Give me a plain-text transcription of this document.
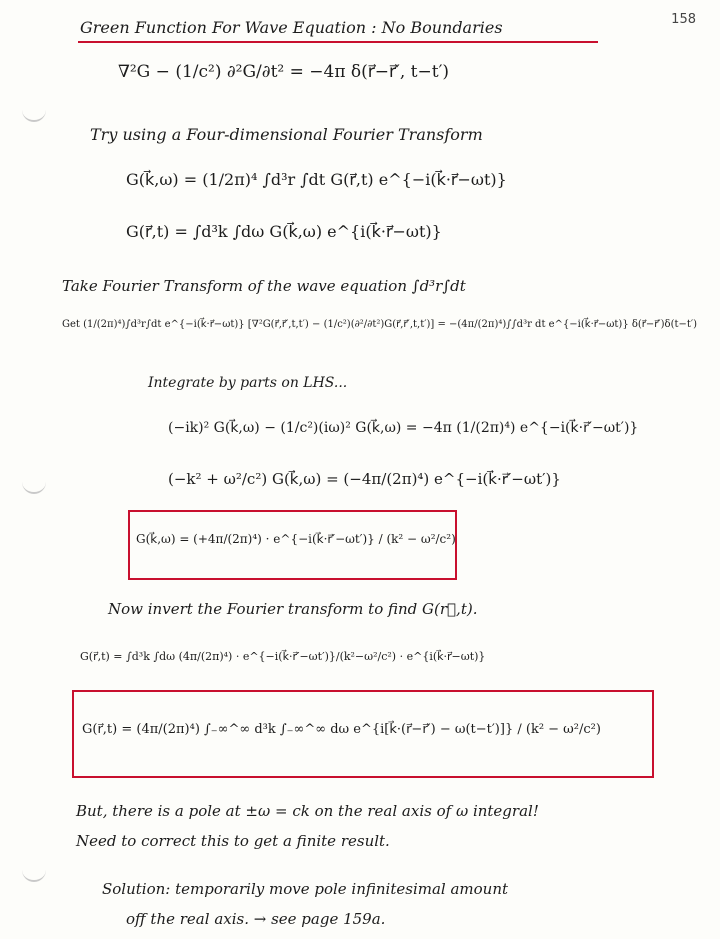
158
Green Function For Wave Equation : No Boundaries
∇²G − (1/c²) ∂²G/∂t² = −4π δ(r⃗−r⃗′, t−t′)
Try using a Four-dimensional Fourier Transform
G(k⃗,ω) = (1/2π)⁴ ∫d³r ∫dt G(r⃗,t) e^{−i(k⃗·r⃗−ωt)}
G(r⃗,t) = ∫d³k ∫dω G(k⃗,ω) e^{i(k⃗·r⃗−ωt)}
Take Fourier Transform of the wave equation ∫d³r∫dt
Get (1/(2π)⁴)∫d³r∫dt e^{−i(k⃗·r⃗−ωt)} [∇²G(r⃗,r⃗′,t,t′) − (1/c²)(∂²/∂t²)G(r⃗,r⃗′,t,t′)] = −(4π/(2π)⁴)∫∫d³r dt e^{−i(k⃗·r⃗−ωt)} δ(r⃗−r⃗′)δ(t−t′)
Integrate by parts on LHS...
(−ik)² G(k⃗,ω) − (1/c²)(iω)² G(k⃗,ω) = −4π (1/(2π)⁴) e^{−i(k⃗·r⃗′−ωt′)}
(−k² + ω²/c²) G(k⃗,ω) = (−4π/(2π)⁴) e^{−i(k⃗·r⃗′−ωt′)}
G(k⃗,ω) = (+4π/(2π)⁴) · e^{−i(k⃗·r⃗′−ωt′)} / (k² − ω²/c²)
Now invert the Fourier transform to find G(r⃗,t).
G(r⃗,t) = ∫d³k ∫dω (4π/(2π)⁴) · e^{−i(k⃗·r⃗′−ωt′)}/(k²−ω²/c²) · e^{i(k⃗·r⃗−ωt)}
G(r⃗,t) = (4π/(2π)⁴) ∫₋∞^∞ d³k ∫₋∞^∞ dω e^{i[k⃗·(r⃗−r⃗′) − ω(t−t′)]} / (k² − ω²/c²)
But, there is a pole at ±ω = ck on the real axis of ω integral!
Need to correct this to get a finite result.
Solution: temporarily move pole infinitesimal amount
off the real axis. → see page 159a.
